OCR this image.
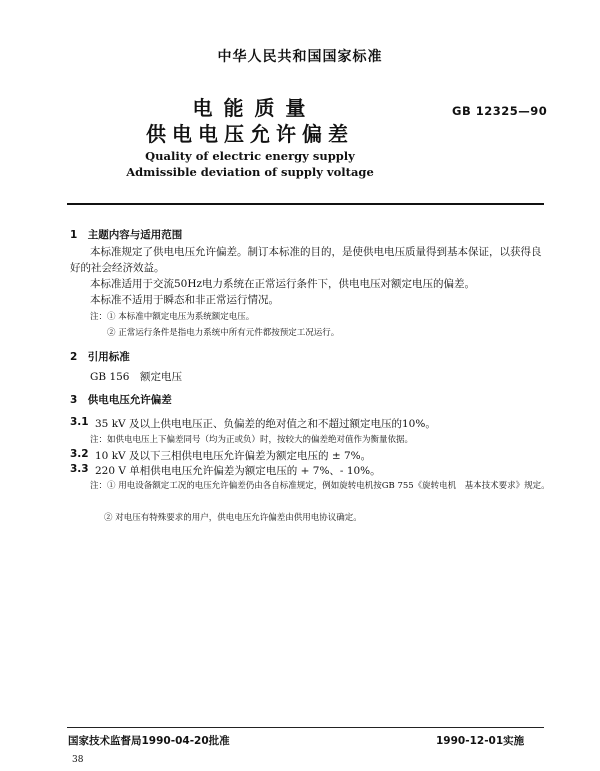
中华人民共和国国家标准
电 能 质 量
供电电压允许偏差
GB 12325—90
Quality of electric energy supply
Admissible deviation of supply voltage
1　主题内容与适用范围

本标准规定了供电电压允许偏差。制订本标准的目的，是使供电电压质量得到基本保证，以获得良好的社会经济效益。

本标准适用于交流50Hz电力系统在正常运行条件下，供电电压对额定电压的偏差。
本标准不适用于瞬态和非正常运行情况。
注：① 本标准中额定电压为系统额定电压。
② 正常运行条件是指电力系统中所有元件都按预定工况运行。
2　引用标准
GB 156　额定电压
3　供电电压允许偏差
3.1 35 kV 及以上供电电压正、负偏差的绝对值之和不超过额定电压的10%。
注：如供电电压上下偏差同号（均为正或负）时，按较大的偏差绝对值作为衡量依据。
3.2 10 kV 及以下三相供电电压允许偏差为额定电压的 ± 7%。
3.3 220 V 单相供电电压允许偏差为额定电压的 + 7%、- 10%。

注：① 用电设备额定工况的电压允许偏差仍由各自标准规定，例如旋转电机按GB 755《旋转电机　基本技术要求》规定。

② 对电压有特殊要求的用户，供电电压允许偏差由供用电协议确定。
国家技术监督局1990-04-20批准	1990-12-01实施
38
